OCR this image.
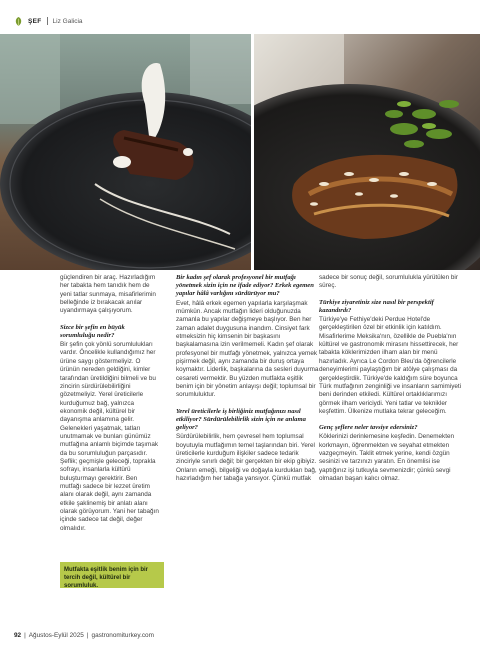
ŞEF Liz Galicia

güçlendiren bir araç. Hazırladığım her tabakta hem tanıdık hem de yeni tatlar sunmaya, misafirlerimin belleğinde iz bırakacak anılar uyandırmaya çalışıyorum.

Sizce bir şefin en büyük sorumluluğu nedir?

Bir şefin çok yönlü sorumlulukları vardır. Öncelikle kullandığımız her ürüne saygı göstermeliyiz. O ürünün nereden geldiğini, kimler tarafından üretildiğini bilmeli ve bu zincirin sürdürülebilirliğini gözetmeliyiz. Yerel üreticilerle kurduğumuz bağ, yalnızca ekonomik değil, kültürel bir dayanışma anlamına gelir. Gelenekleri yaşatmak, tatları unutmamak ve bunları günümüz mutfağına anlamlı biçimde taşımak da bu sorumluluğun parçasıdır. Şeflik; geçmişle geleceği, toprakla sofrayı, insanlarla kültürü buluşturmayı gerektirir. Ben mutfağı sadece bir lezzet üretim alanı olarak değil, aynı zamanda etkile şaklinemiş bir anlatı alanı olarak görüyorum. Yani her tabağın içinde sadece tat değil, değer olmalıdır.

Mutfakta eşitlik benim için bir tercih değil, kültürel bir sorumluluk.

Bir kadın şef olarak profesyonel bir mutfağı yönetmek sizin için ne ifade ediyor? Erkek egemen yapılar hâlâ varlığını sürdürüyor mu?

Evet, hâlâ erkek egemen yapılarla karşılaşmak mümkün. Ancak mutfağın lideri olduğunuzda zamanla bu yapılar değişmeye başlıyor. Ben her zaman adalet duygusuna inandım. Cinsiyet fark etmeksizin hiç kimsenin bir başkasını başkalamasına izin verilmemeli. Kadın şef olarak profesyonel bir mutfağı yönetmek, yalnızca yemek pişirmek değil, aynı zamanda bir duruş ortaya koymaktır. Liderlik, başkalarına da sesleri duyurma cesareti vermektir. Bu yüzden mutfakta eşitlik benim için bir yönetim anlayışı değil; toplumsal bir sorumluluktur.

Yerel üreticilerle iş birliğiniz mutfağınızı nasıl etkiliyor? Sürdürülebilirlik sizin için ne anlama geliyor?

Sürdürülebilirlik, hem çevresel hem toplumsal boyutuyla mutfağımın temel taşlarından biri. Yerel üreticilerle kurduğum ilişkiler sadece tedarik zinciriyle sınırlı değil; bir gerçekten bir ekip gibiyiz. Onların emeği, bilgeliği ve doğayla kurdukları bağ, hazırladığım her tabağa yansıyor. Çünkü mutfak

sadece bir sonuç değil, sorumlulukla yürütülen bir süreç.

Türkiye ziyaretiniz size nasıl bir perspektif kazandırdı?

Türkiye'ye Fethiye'deki Perdue Hotel'de gerçekleştirilen özel bir etkinlik için katıldım. Misafirlerime Meksika'nın, özellikle de Puebla'nın kültürel ve gastronomik mirasını hissettirecek, her tabakta köklerimizden ilham alan bir menü hazırladık. Ayrıca Le Cordon Bleu'da öğrencilerle deneyimlerimi paylaştığım bir atölye çalışması da gerçekleştirdik. Türkiye'de kaldığım süre boyunca Türk mutfağının zenginliği ve insanların samimiyeti beni derinden etkiledi. Kültürel ortaklıklarımızı görmek ilham vericiydi. Yeni tatlar ve teknikler keşfettim. Ülkenize mutlaka tekrar geleceğim.

Genç şeflere neler tavsiye edersiniz?

Köklerinizi derinlemesine keşfedin. Denemekten korkmayın, öğrenmekten ve seyahat etmekten vazgeçmeyin. Taklit etmek yerine, kendi özgün sesinizi ve tarzınızı yaratın. En önemlisi ise yaptığınız işi tutkuyla sevmenizdir; çünkü sevgi olmadan başarı kalıcı olmaz.

92 | Ağustos-Eylül 2025 | gastronomiturkey.com
